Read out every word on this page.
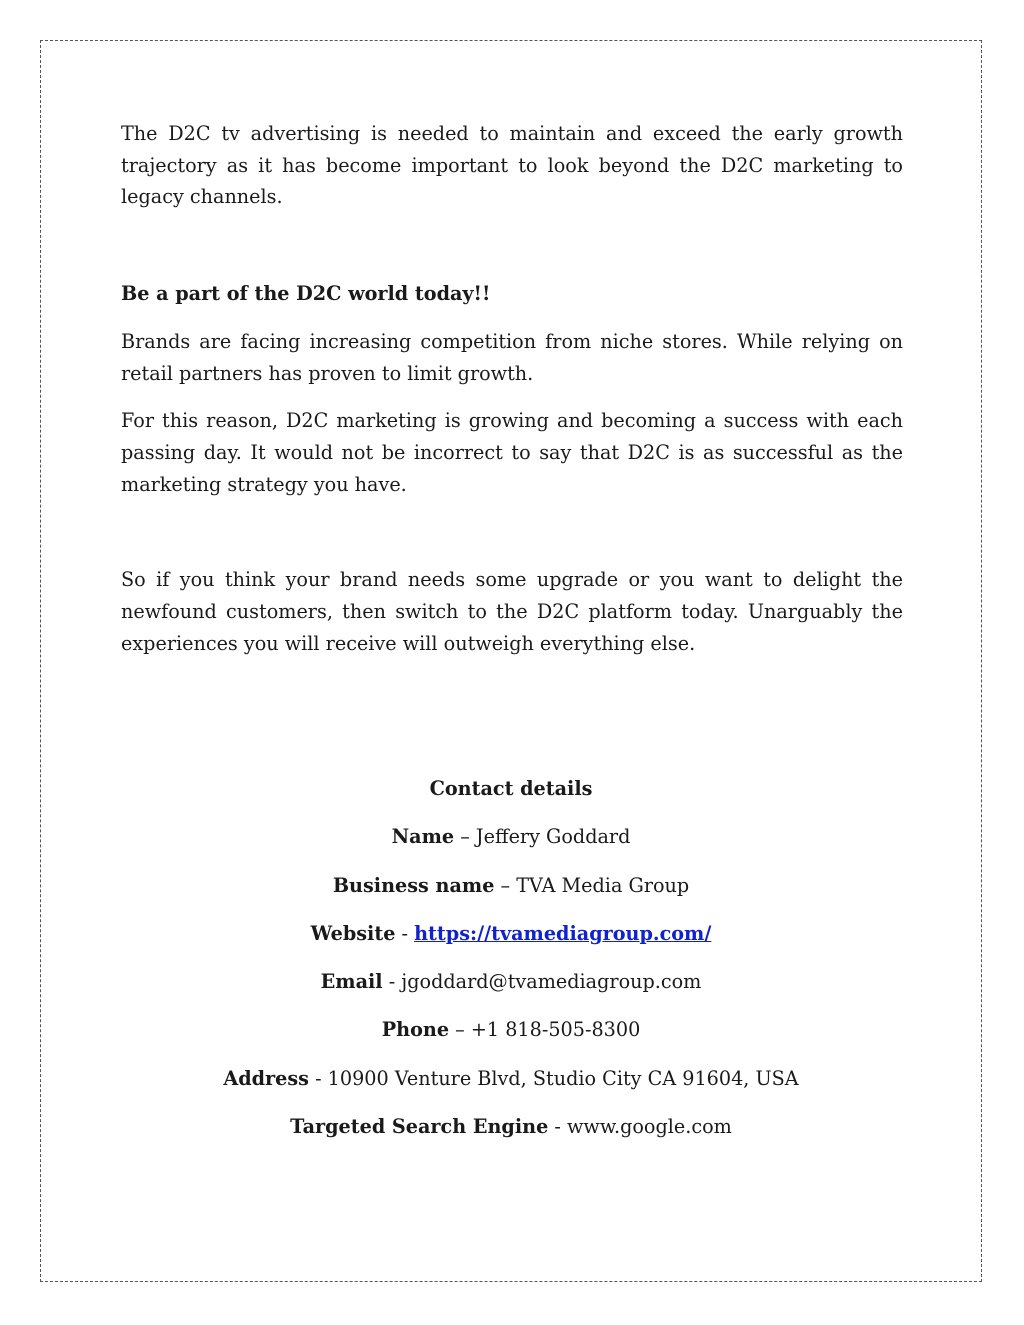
The D2C tv advertising is needed to maintain and exceed the early growth trajectory as it has become important to look beyond the D2C marketing to legacy channels.

Be a part of the D2C world today!!

Brands are facing increasing competition from niche stores. While relying on retail partners has proven to limit growth.

For this reason, D2C marketing is growing and becoming a success with each passing day. It would not be incorrect to say that D2C is as successful as the marketing strategy you have.

So if you think your brand needs some upgrade or you want to delight the newfound customers, then switch to the D2C platform today. Unarguably the experiences you will receive will outweigh everything else.

Contact details
Name – Jeffery Goddard
Business name – TVA Media Group
Website - https://tvamediagroup.com/
Email - jgoddard@tvamediagroup.com
Phone – +1 818-505-8300
Address - 10900 Venture Blvd, Studio City CA 91604, USA
Targeted Search Engine - www.google.com
